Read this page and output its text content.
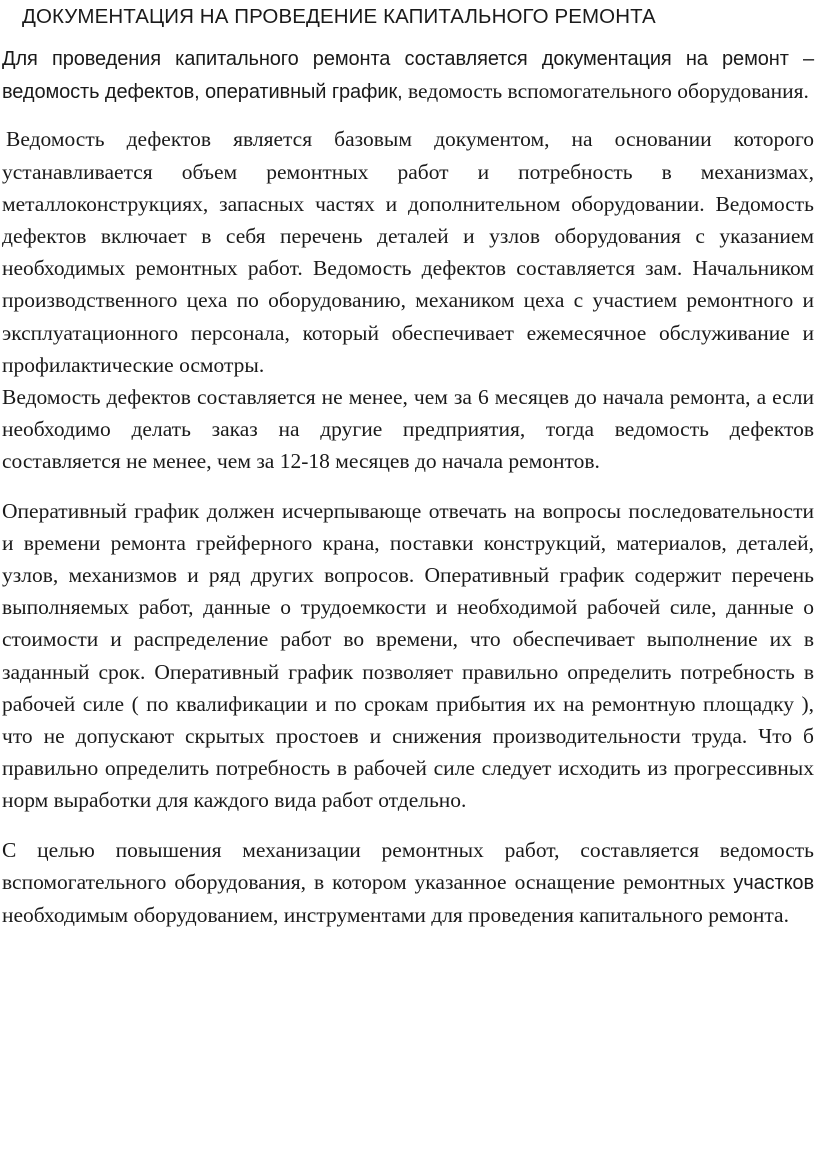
ДОКУМЕНТАЦИЯ НА ПРОВЕДЕНИЕ КАПИТАЛЬНОГО РЕМОНТА

Для проведения капитального ремонта составляется документация на ремонт – ведомость дефектов, оперативный график, ведомость вспомогательного оборудования.

Ведомость дефектов является базовым документом, на основании которого устанавливается объем ремонтных работ и потребность в механизмах, металлоконструкциях, запасных частях и дополнительном оборудовании. Ведомость дефектов включает в себя перечень деталей и узлов оборудования с указанием необходимых ремонтных работ. Ведомость дефектов составляется зам. Начальником производственного цеха по оборудованию, механиком цеха с участием ремонтного и эксплуатационного персонала, который обеспечивает ежемесячное обслуживание и профилактические осмотры.

Ведомость дефектов составляется не менее, чем за 6 месяцев до начала ремонта, а если необходимо делать заказ на другие предприятия, тогда ведомость дефектов составляется не менее, чем за 12-18 месяцев до начала ремонтов.

Оперативный график должен исчерпывающе отвечать на вопросы последовательности и времени ремонта грейферного крана, поставки конструкций, материалов, деталей, узлов, механизмов и ряд других вопросов. Оперативный график содержит перечень выполняемых работ, данные о трудоемкости и необходимой рабочей силе, данные о стоимости и распределение работ во времени, что обеспечивает выполнение их в заданный срок. Оперативный график позволяет правильно определить потребность в рабочей силе ( по квалификации и по срокам прибытия их на ремонтную площадку ), что не допускают скрытых простоев и снижения производительности труда. Что б правильно определить потребность в рабочей силе следует исходить из прогрессивных норм выработки для каждого вида работ отдельно.

С целью повышения механизации ремонтных работ, составляется ведомость вспомогательного оборудования, в котором указанное оснащение ремонтных участков необходимым оборудованием, инструментами для проведения капитального ремонта.
